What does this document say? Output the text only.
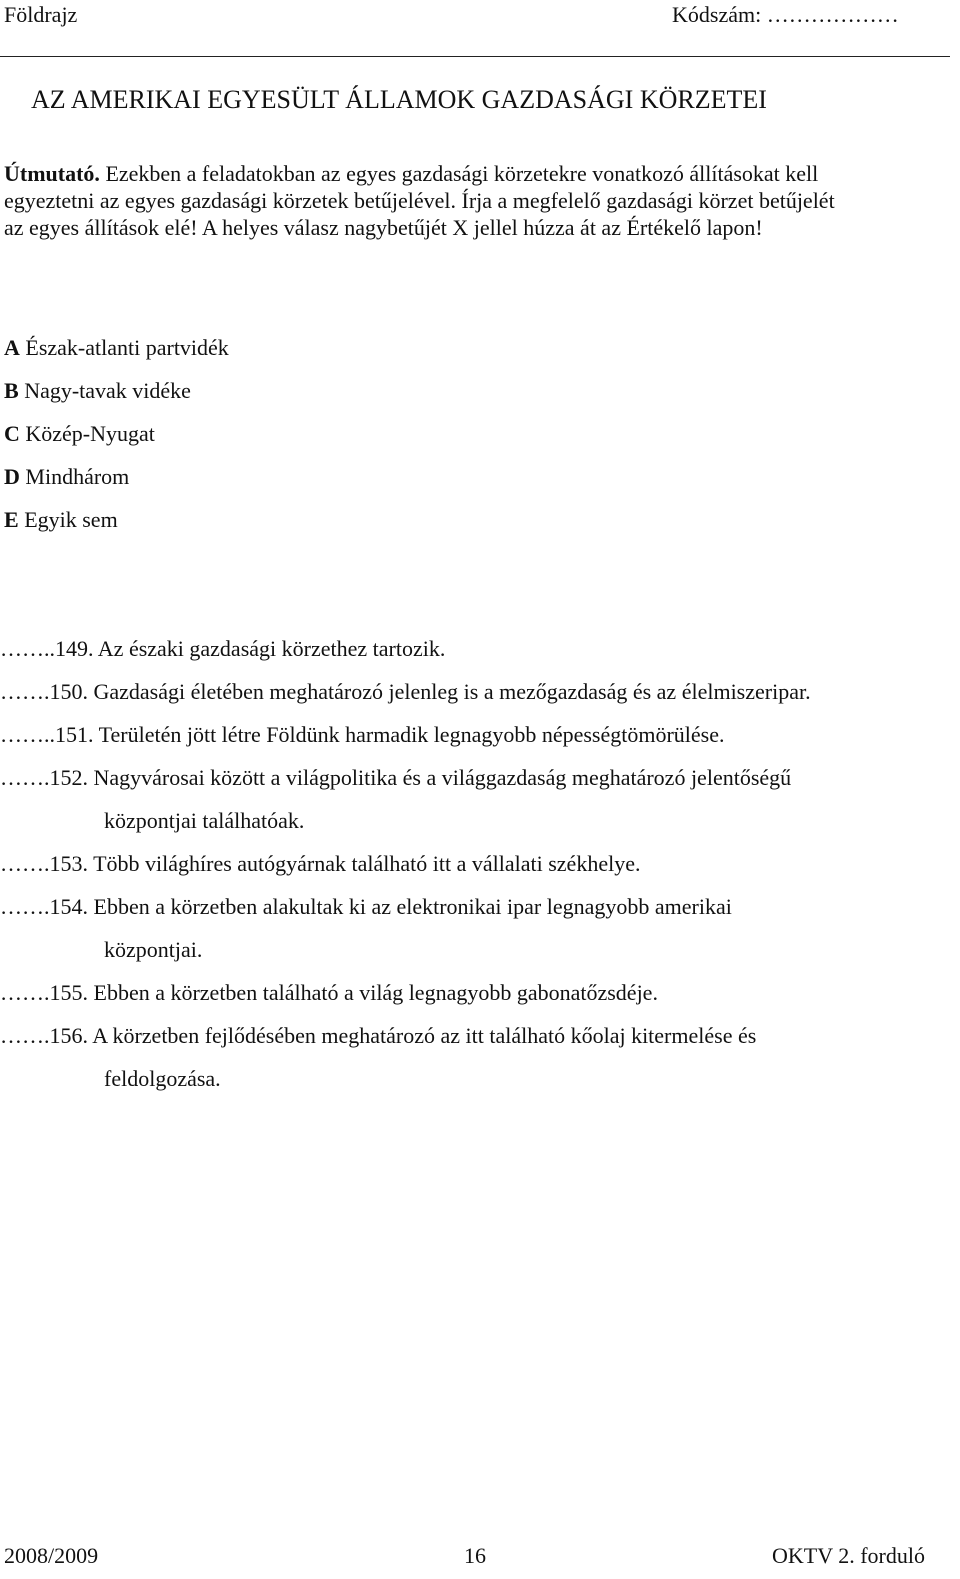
Földrajz	Kódszám: ………………
AZ AMERIKAI EGYESÜLT ÁLLAMOK GAZDASÁGI KÖRZETEI
Útmutató. Ezekben a feladatokban az egyes gazdasági körzetekre vonatkozó állításokat kell
egyeztetni az egyes gazdasági körzetek betűjelével. Írja a megfelelő gazdasági körzet betűjelét
az egyes állítások elé! A helyes válasz nagybetűjét X jellel húzza át az Értékelő lapon!
A Észak-atlanti partvidék
B Nagy-tavak vidéke
C Közép-Nyugat
D Mindhárom
E Egyik sem
……..149. Az északi gazdasági körzethez tartozik.
…….150. Gazdasági életében meghatározó jelenleg is a mezőgazdaság és az élelmiszeripar.
……..151. Területén jött létre Földünk harmadik legnagyobb népességtömörülése.
…….152. Nagyvárosai között a világpolitika és a világgazdaság meghatározó jelentőségű
központjai találhatóak.
…….153. Több világhíres autógyárnak található itt a vállalati székhelye.
…….154. Ebben a körzetben alakultak ki az elektronikai ipar legnagyobb amerikai
központjai.
…….155. Ebben a körzetben található a világ legnagyobb gabonatőzsdéje.
…….156. A körzetben fejlődésében meghatározó az itt található kőolaj kitermelése és
feldolgozása.
2008/2009	16	OKTV 2. forduló
